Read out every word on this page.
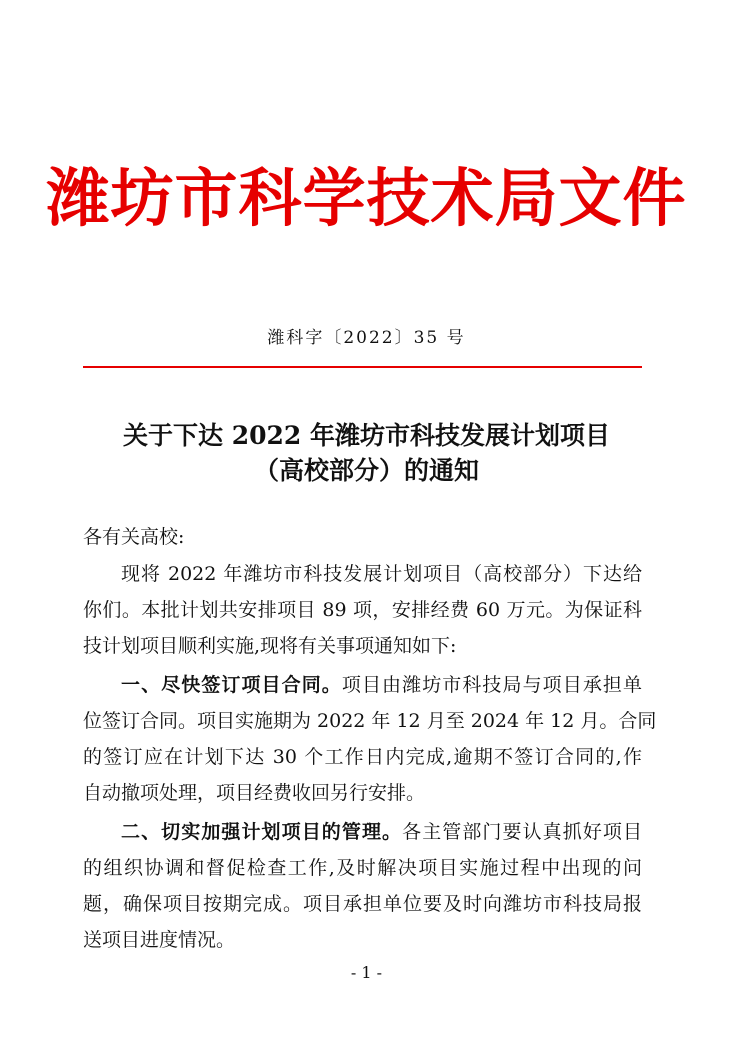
潍坊市科学技术局文件
潍科字〔2022〕35 号
关于下达 2022 年潍坊市科技发展计划项目
（高校部分）的通知
各有关高校:
现将 2022 年潍坊市科技发展计划项目（高校部分）下达给
你们。本批计划共安排项目 89 项，安排经费 60 万元。为保证科
技计划项目顺利实施,现将有关事项通知如下:
一、尽快签订项目合同。项目由潍坊市科技局与项目承担单
位签订合同。项目实施期为 2022 年 12 月至 2024 年 12 月。合同
的签订应在计划下达 30 个工作日内完成,逾期不签订合同的,作
自动撤项处理，项目经费收回另行安排。
二、切实加强计划项目的管理。各主管部门要认真抓好项目
的组织协调和督促检查工作,及时解决项目实施过程中出现的问
题，确保项目按期完成。项目承担单位要及时向潍坊市科技局报
送项目进度情况。
- 1 -
